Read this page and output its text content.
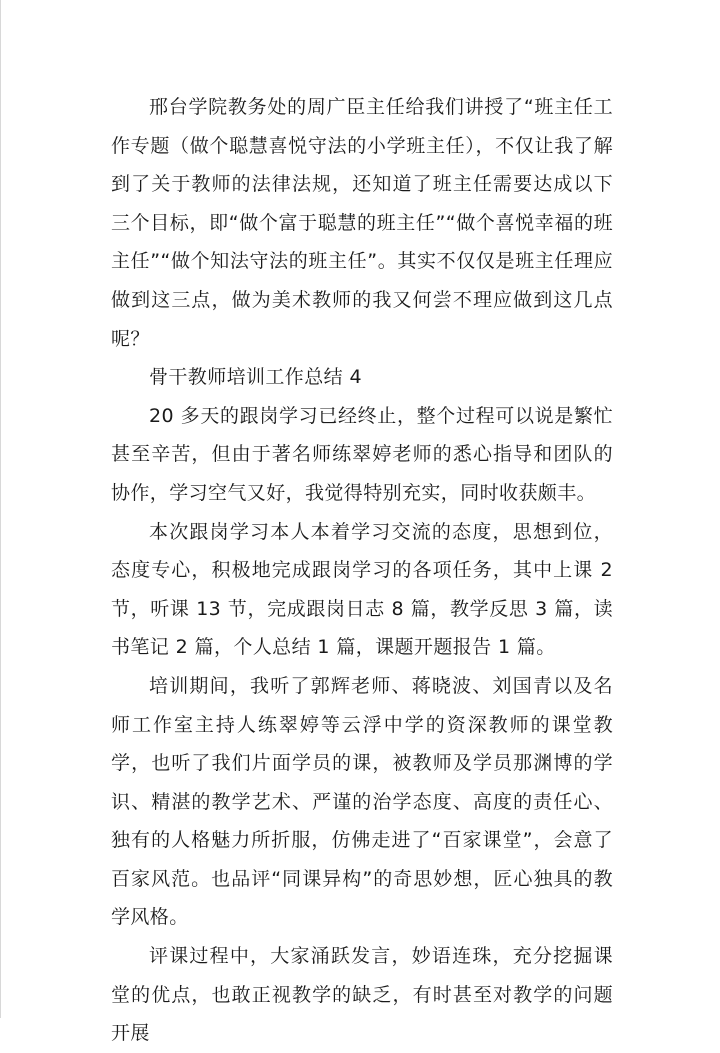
邢台学院教务处的周广臣主任给我们讲授了“班主任工作专题（做个聪慧喜悦守法的小学班主任），不仅让我了解到了关于教师的法律法规，还知道了班主任需要达成以下三个目标，即“做个富于聪慧的班主任”“做个喜悦幸福的班主任”“做个知法守法的班主任”。其实不仅仅是班主任理应做到这三点，做为美术教师的我又何尝不理应做到这几点呢？

骨干教师培训工作总结 4

20 多天的跟岗学习已经终止，整个过程可以说是繁忙甚至辛苦，但由于著名师练翠婷老师的悉心指导和团队的协作，学习空气又好，我觉得特别充实，同时收获颇丰。

本次跟岗学习本人本着学习交流的态度，思想到位，态度专心，积极地完成跟岗学习的各项任务，其中上课 2 节，听课 13 节，完成跟岗日志 8 篇，教学反思 3 篇，读书笔记 2 篇，个人总结 1 篇，课题开题报告 1 篇。

培训期间，我听了郭辉老师、蒋晓波、刘国青以及名师工作室主持人练翠婷等云浮中学的资深教师的课堂教学，也听了我们片面学员的课，被教师及学员那渊博的学识、精湛的教学艺术、严谨的治学态度、高度的责任心、独有的人格魅力所折服，仿佛走进了“百家课堂”，会意了百家风范。也品评“同课异构”的奇思妙想，匠心独具的教学风格。

评课过程中，大家涌跃发言，妙语连珠，充分挖掘课堂的优点，也敢正视教学的缺乏，有时甚至对教学的问题开展
